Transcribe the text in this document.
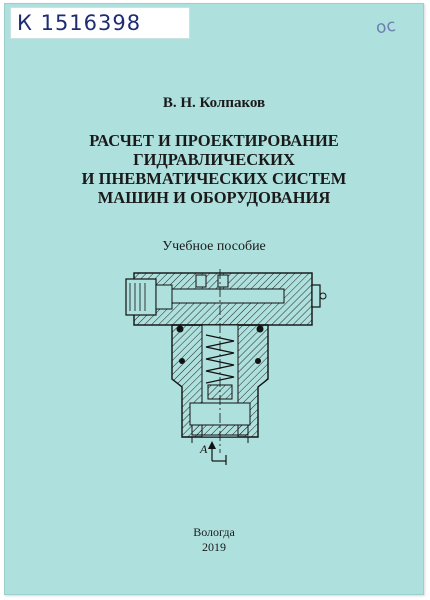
К 1516398	ос
В. Н. Колпаков
РАСЧЕТ И ПРОЕКТИРОВАНИЕ
ГИДРАВЛИЧЕСКИХ
И ПНЕВМАТИЧЕСКИХ СИСТЕМ
МАШИН И ОБОРУДОВАНИЯ
Учебное пособие
А
Вологда
2019
